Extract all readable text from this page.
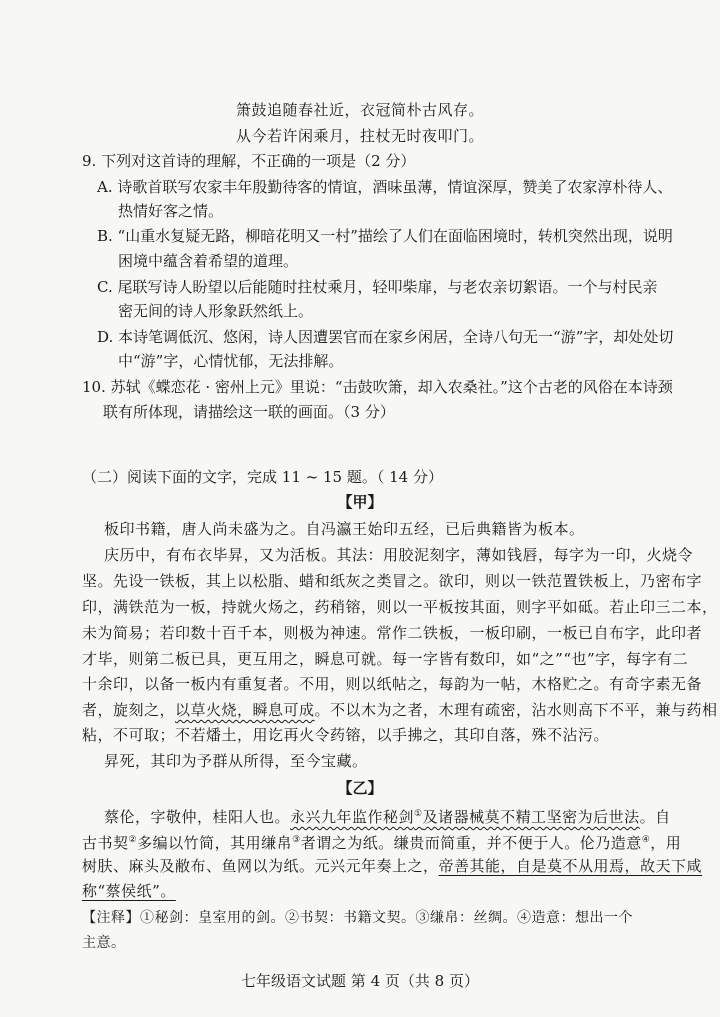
箫鼓追随春社近，衣冠简朴古风存。
从今若许闲乘月，拄杖无时夜叩门。
9. 下列对这首诗的理解，不正确的一项是（2 分）
A. 诗歌首联写农家丰年殷勤待客的情谊，酒味虽薄，情谊深厚，赞美了农家淳朴待人、
热情好客之情。
B. “山重水复疑无路，柳暗花明又一村”描绘了人们在面临困境时，转机突然出现，说明
困境中蕴含着希望的道理。
C. 尾联写诗人盼望以后能随时拄杖乘月，轻叩柴扉，与老农亲切絮语。一个与村民亲
密无间的诗人形象跃然纸上。
D. 本诗笔调低沉、悠闲，诗人因遭罢官而在家乡闲居，全诗八句无一“游”字，却处处切
中“游”字，心情忧郁，无法排解。
10. 苏轼《蝶恋花 · 密州上元》里说：“击鼓吹箫，却入农桑社。”这个古老的风俗在本诗颈
联有所体现，请描绘这一联的画面。（3 分）
（二）阅读下面的文字，完成 11 ~ 15 题。（ 14 分）
【甲】
板印书籍，唐人尚未盛为之。自冯瀛王始印五经，已后典籍皆为板本。
庆历中，有布衣毕昇，又为活板。其法：用胶泥刻字，薄如钱唇，每字为一印，火烧令
坚。先设一铁板，其上以松脂、蜡和纸灰之类冒之。欲印，则以一铁范置铁板上，乃密布字
印，满铁范为一板，持就火炀之，药稍镕，则以一平板按其面，则字平如砥。若止印三二本，
未为简易；若印数十百千本，则极为神速。常作二铁板，一板印刷，一板已自布字，此印者
才毕，则第二板已具，更互用之，瞬息可就。每一字皆有数印，如“之”“也”字，每字有二
十余印，以备一板内有重复者。不用，则以纸帖之，每韵为一帖，木格贮之。有奇字素无备
者，旋刻之，以草火烧，瞬息可成。不以木为之者，木理有疏密，沾水则高下不平，兼与药相
粘，不可取；不若燔土，用讫再火令药镕，以手拂之，其印自落，殊不沾污。
昇死，其印为予群从所得，至今宝藏。
【乙】
蔡伦，字敬仲，桂阳人也。永兴九年监作秘剑①及诸器械莫不精工坚密为后世法。自
古书契②多编以竹简，其用缣帛③者谓之为纸。缣贵而简重，并不便于人。伦乃造意④，用
树肤、麻头及敝布、鱼网以为纸。元兴元年奏上之，帝善其能，自是莫不从用焉，故天下咸
称“蔡侯纸”。
【注释】①秘剑：皇室用的剑。②书契：书籍文契。③缣帛：丝绸。④造意：想出一个
主意。
七年级语文试题 第 4 页（共 8 页）
